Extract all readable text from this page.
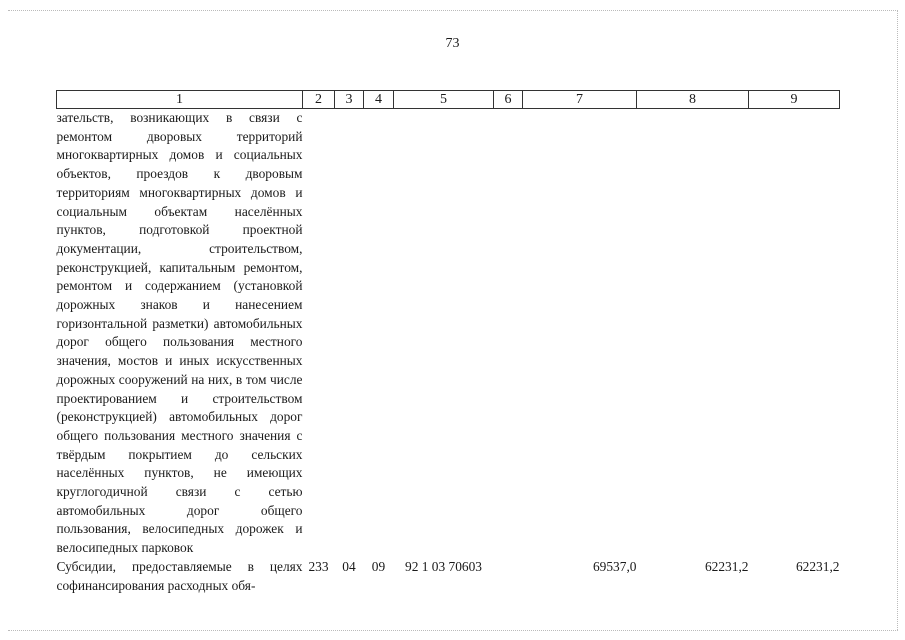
73
1	2	3	4	5	6	7	8	9
зательств, возникающих в связи с ремонтом дворовых территорий многоквартирных домов и социальных объектов, проездов к дворовым территориям многоквартирных домов и социальным объектам населённых пунктов, подготовкой проектной документации, строительством, реконструкцией, капитальным ремонтом, ремонтом и содержанием (установкой дорожных знаков и нанесением горизонтальной разметки) автомобильных дорог общего пользования местного значения, мостов и иных искусственных дорожных сооружений на них, в том числе проектированием и строительством (реконструкцией) автомобильных дорог общего пользования местного значения с твёрдым покрытием до сельских населённых пунктов, не имеющих круглогодичной связи с сетью автомобильных дорог общего пользования, велосипедных дорожек и велосипедных парковок								
Субсидии, предоставляемые в целях софинансирования расходных обя-	233	04	09	92 1 03 70603		69537,0	62231,2	62231,2
